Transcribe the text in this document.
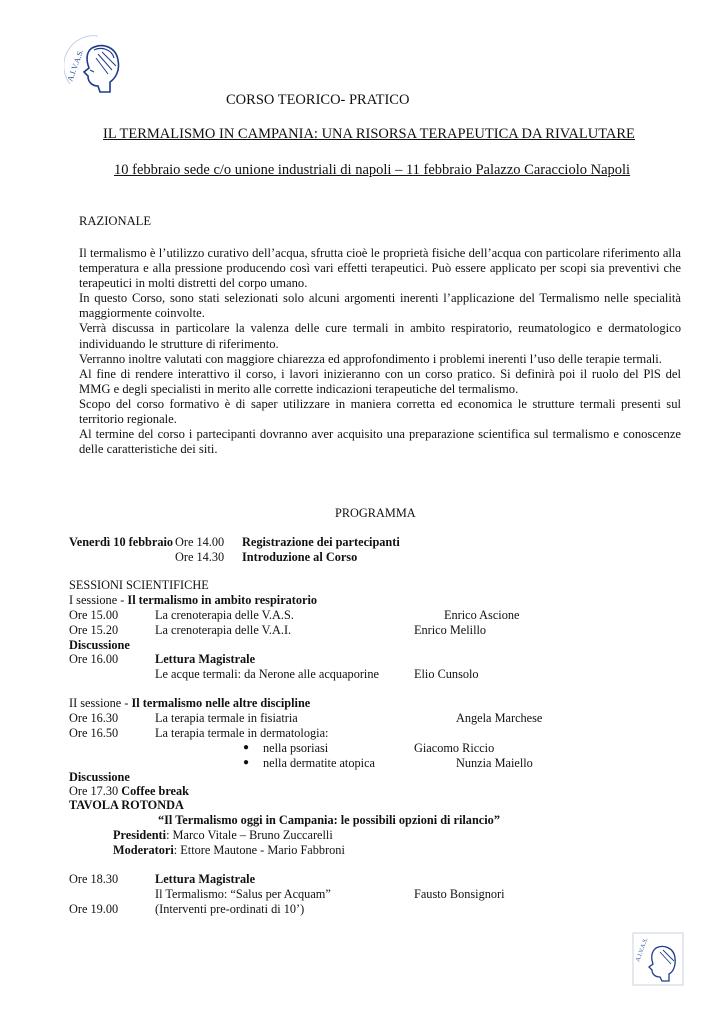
A.I.V.A.S.
CORSO TEORICO- PRATICO
IL TERMALISMO IN CAMPANIA: UNA RISORSA TERAPEUTICA DA RIVALUTARE
10 febbraio sede c/o unione industriali di napoli – 11 febbraio Palazzo Caracciolo Napoli
RAZIONALE

Il termalismo è l’utilizzo curativo dell’acqua, sfrutta cioè le proprietà fisiche dell’acqua con particolare riferimento alla temperatura e alla pressione producendo così vari effetti terapeutici. Può essere applicato per scopi sia preventivi che terapeutici in molti distretti del corpo umano.

In questo Corso, sono stati selezionati solo alcuni argomenti inerenti l’applicazione del Termalismo nelle specialità maggiormente coinvolte.

Verrà discussa in particolare la valenza delle cure termali in ambito respiratorio, reumatologico e dermatologico individuando le strutture di riferimento.

Verranno inoltre valutati con maggiore chiarezza ed approfondimento i problemi inerenti l’uso delle terapie termali.

Al fine di rendere interattivo il corso, i lavori inizieranno con un corso pratico. Si definirà poi il ruolo del PlS del MMG e degli specialisti in merito alle corrette indicazioni terapeutiche del termalismo.

Scopo del corso formativo è di saper utilizzare in maniera corretta ed economica le strutture termali presenti sul territorio regionale.

Al termine del corso i partecipanti dovranno aver acquisito una preparazione scientifica sul termalismo e conoscenze delle caratteristiche dei siti.

PROGRAMMA
Venerdì 10 febbraio Ore 14.00 Registrazione dei partecipanti
Ore 14.30 Introduzione al Corso
SESSIONI SCIENTIFICHE
I sessione - Il termalismo in ambito respiratorio
Ore 15.00	La crenoterapia delle V.A.S.	Enrico Ascione
Ore 15.20	La crenoterapia delle V.A.I.	Enrico Melillo
Discussione
Ore 16.00	Lettura Magistrale
Le acque termali: da Nerone alle acquaporine	Elio Cunsolo
II sessione - Il termalismo nelle altre discipline
Ore 16.30	La terapia termale in fisiatria	Angela Marchese
Ore 16.50	La terapia termale in dermatologia:
● nella psoriasi	Giacomo Riccio
● nella dermatite atopica	Nunzia Maiello
Discussione
Ore 17.30 Coffee break
TAVOLA ROTONDA
“Il Termalismo oggi in Campania: le possibili opzioni di rilancio”
Presidenti: Marco Vitale – Bruno Zuccarelli
Moderatori: Ettore Mautone - Mario Fabbroni
Ore 18.30	Lettura Magistrale
Il Termalismo: “Salus per Acquam”	Fausto Bonsignori
Ore 19.00	(Interventi pre-ordinati di 10’)
A.I.V.A.S.
